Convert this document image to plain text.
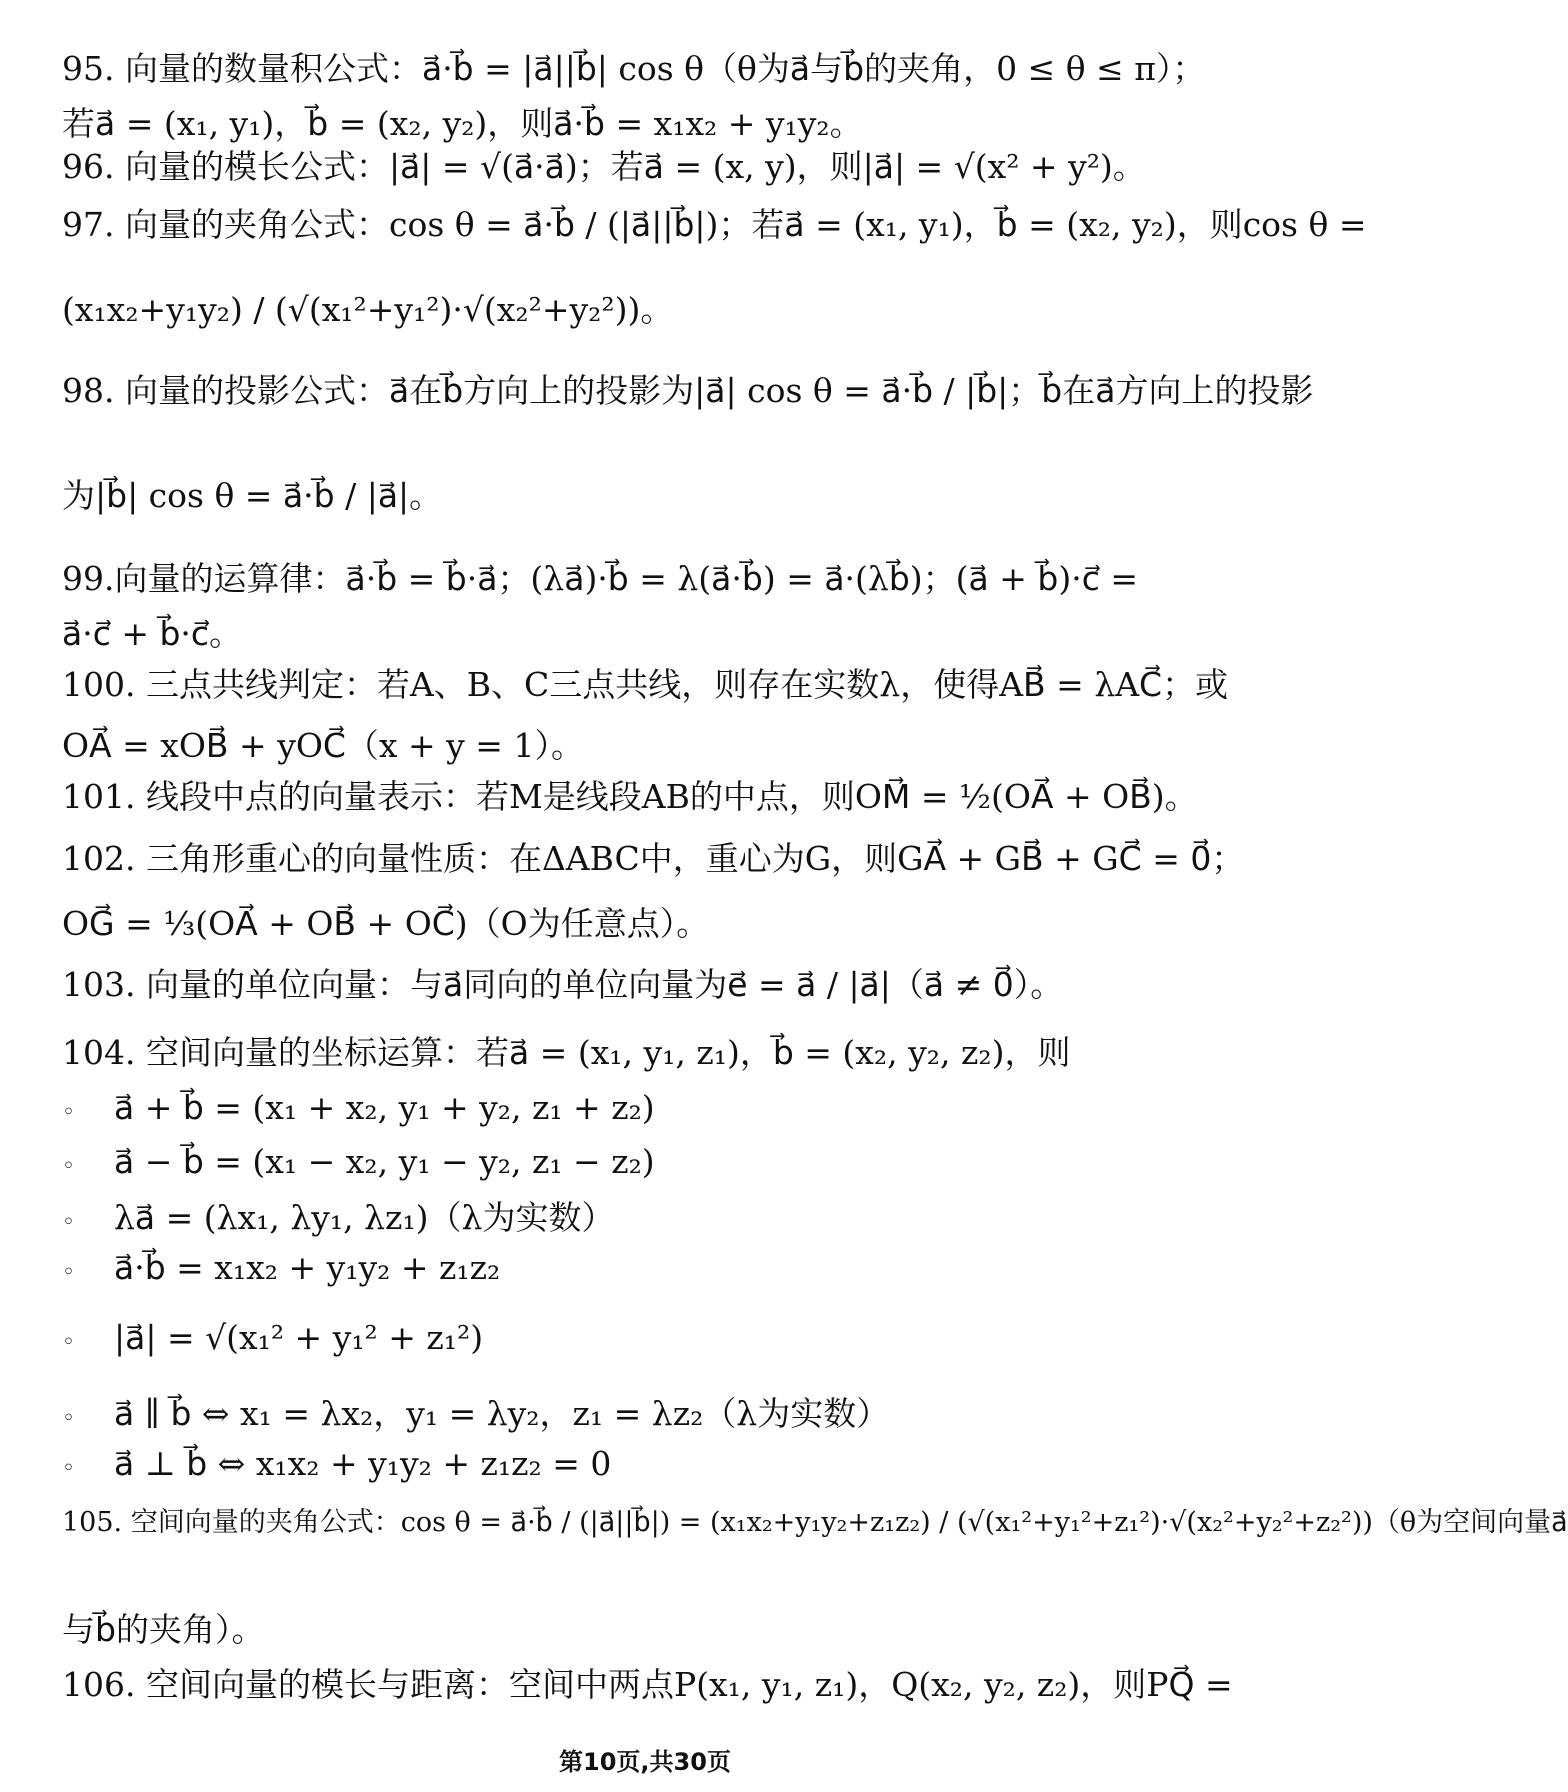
95. 向量的数量积公式：a⃗·b⃗ = |a⃗||b⃗| cos θ（θ为a⃗与b⃗的夹角，0 ≤ θ ≤ π）；
若a⃗ = (x₁, y₁)，b⃗ = (x₂, y₂)，则a⃗·b⃗ = x₁x₂ + y₁y₂。
96. 向量的模长公式：|a⃗| = √(a⃗·a⃗)；若a⃗ = (x, y)，则|a⃗| = √(x² + y²)。
97. 向量的夹角公式：cos θ = a⃗·b⃗ / (|a⃗||b⃗|)；若a⃗ = (x₁, y₁)，b⃗ = (x₂, y₂)，则cos θ =
(x₁x₂+y₁y₂) / (√(x₁²+y₁²)·√(x₂²+y₂²))。
98. 向量的投影公式：a⃗在b⃗方向上的投影为|a⃗| cos θ = a⃗·b⃗ / |b⃗|；b⃗在a⃗方向上的投影
为|b⃗| cos θ = a⃗·b⃗ / |a⃗|。
99.向量的运算律：a⃗·b⃗ = b⃗·a⃗；(λa⃗)·b⃗ = λ(a⃗·b⃗) = a⃗·(λb⃗)；(a⃗ + b⃗)·c⃗ =
a⃗·c⃗ + b⃗·c⃗。
100. 三点共线判定：若A、B、C三点共线，则存在实数λ，使得AB⃗ = λAC⃗；或
OA⃗ = xOB⃗ + yOC⃗（x + y = 1）。
101. 线段中点的向量表示：若M是线段AB的中点，则OM⃗ = ½(OA⃗ + OB⃗)。
102. 三角形重心的向量性质：在ΔABC中，重心为G，则GA⃗ + GB⃗ + GC⃗ = 0⃗；
OG⃗ = ⅓(OA⃗ + OB⃗ + OC⃗)（O为任意点）。
103. 向量的单位向量：与a⃗同向的单位向量为e⃗ = a⃗ / |a⃗|（a⃗ ≠ 0⃗）。
104. 空间向量的坐标运算：若a⃗ = (x₁, y₁, z₁)，b⃗ = (x₂, y₂, z₂)，则
◦ a⃗ + b⃗ = (x₁ + x₂, y₁ + y₂, z₁ + z₂)
◦ a⃗ − b⃗ = (x₁ − x₂, y₁ − y₂, z₁ − z₂)
◦ λa⃗ = (λx₁, λy₁, λz₁)（λ为实数）
◦ a⃗·b⃗ = x₁x₂ + y₁y₂ + z₁z₂
◦ |a⃗| = √(x₁² + y₁² + z₁²)
◦ a⃗ ∥ b⃗ ⇔ x₁ = λx₂，y₁ = λy₂，z₁ = λz₂（λ为实数）
◦ a⃗ ⊥ b⃗ ⇔ x₁x₂ + y₁y₂ + z₁z₂ = 0
105. 空间向量的夹角公式：cos θ = a⃗·b⃗ / (|a⃗||b⃗|) = (x₁x₂+y₁y₂+z₁z₂) / (√(x₁²+y₁²+z₁²)·√(x₂²+y₂²+z₂²))（θ为空间向量a⃗
与b⃗的夹角）。
106. 空间向量的模长与距离：空间中两点P(x₁, y₁, z₁)，Q(x₂, y₂, z₂)，则PQ⃗ =
第10页,共30页
